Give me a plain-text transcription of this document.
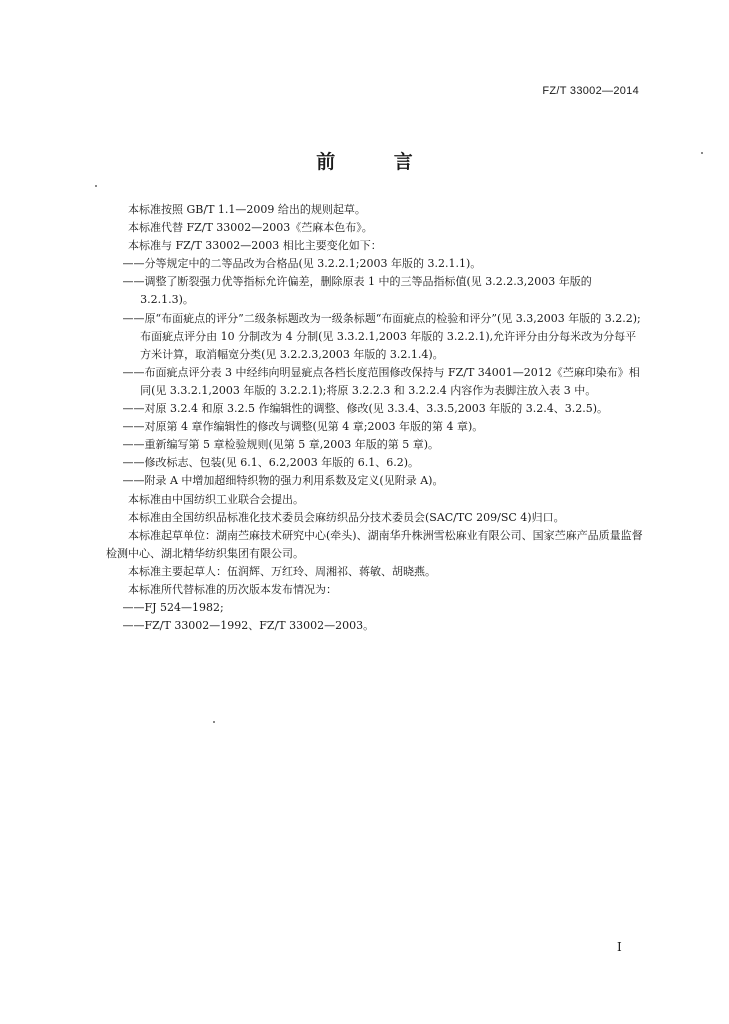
FZ/T 33002—2014
前 言

本标准按照 GB/T 1.1—2009 给出的规则起草。

本标准代替 FZ/T 33002—2003《苎麻本色布》。

本标准与 FZ/T 33002—2003 相比主要变化如下：

——分等规定中的二等品改为合格品(见 3.2.2.1;2003 年版的 3.2.1.1)。

——调整了断裂强力优等指标允许偏差，删除原表 1 中的三等品指标值(见 3.2.2.3,2003 年版的 3.2.1.3)。

——原“布面疵点的评分”二级条标题改为一级条标题“布面疵点的检验和评分”(见 3.3,2003 年版的 3.2.2);布面疵点评分由 10 分制改为 4 分制(见 3.3.2.1,2003 年版的 3.2.2.1),允许评分由分每米改为分每平方米计算，取消幅宽分类(见 3.2.2.3,2003 年版的 3.2.1.4)。

——布面疵点评分表 3 中经纬向明显疵点各档长度范围修改保持与 FZ/T 34001—2012《苎麻印染布》相同(见 3.3.2.1,2003 年版的 3.2.2.1);将原 3.2.2.3 和 3.2.2.4 内容作为表脚注放入表 3 中。

——对原 3.2.4 和原 3.2.5 作编辑性的调整、修改(见 3.3.4、3.3.5,2003 年版的 3.2.4、3.2.5)。

——对原第 4 章作编辑性的修改与调整(见第 4 章;2003 年版的第 4 章)。

——重新编写第 5 章检验规则(见第 5 章,2003 年版的第 5 章)。

——修改标志、包装(见 6.1、6.2,2003 年版的 6.1、6.2)。

——附录 A 中增加超细特织物的强力利用系数及定义(见附录 A)。

本标准由中国纺织工业联合会提出。

本标准由全国纺织品标准化技术委员会麻纺织品分技术委员会(SAC/TC 209/SC 4)归口。

本标准起草单位：湖南苎麻技术研究中心(牵头)、湖南华升株洲雪松麻业有限公司、国家苎麻产品质量监督检测中心、湖北精华纺织集团有限公司。

本标准主要起草人：伍润辉、万红玲、周湘祁、蒋敏、胡晓燕。

本标准所代替标准的历次版本发布情况为：

——FJ 524—1982;

——FZ/T 33002—1992、FZ/T 33002—2003。

I
